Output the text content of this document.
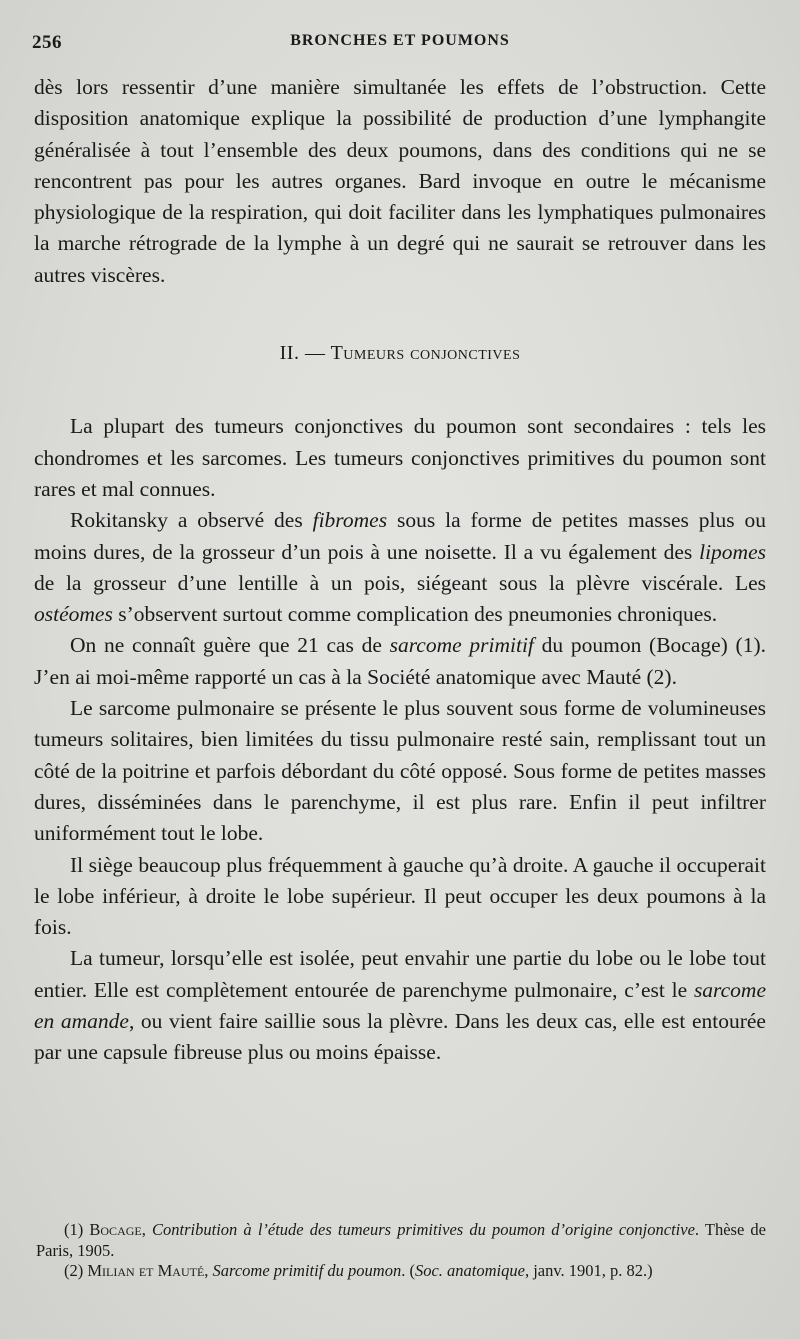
256	BRONCHES ET POUMONS

dès lors ressentir d’une manière simultanée les effets de l’obstruction. Cette disposition anatomique explique la possibilité de production d’une lymphangite généralisée à tout l’ensemble des deux poumons, dans des conditions qui ne se rencontrent pas pour les autres organes. Bard invoque en outre le mécanisme physiologique de la respiration, qui doit faciliter dans les lymphatiques pulmonaires la marche rétrograde de la lymphe à un degré qui ne saurait se retrouver dans les autres viscères.

II. — Tumeurs conjonctives

La plupart des tumeurs conjonctives du poumon sont secondaires : tels les chondromes et les sarcomes. Les tumeurs conjonctives primitives du poumon sont rares et mal connues.

Rokitansky a observé des fibromes sous la forme de petites masses plus ou moins dures, de la grosseur d’un pois à une noisette. Il a vu également des lipomes de la grosseur d’une lentille à un pois, siégeant sous la plèvre viscérale. Les ostéomes s’observent surtout comme complication des pneumonies chroniques.

On ne connaît guère que 21 cas de sarcome primitif du poumon (Bocage) (1). J’en ai moi-même rapporté un cas à la Société anatomique avec Mauté (2).

Le sarcome pulmonaire se présente le plus souvent sous forme de volumineuses tumeurs solitaires, bien limitées du tissu pulmonaire resté sain, remplissant tout un côté de la poitrine et parfois débordant du côté opposé. Sous forme de petites masses dures, disséminées dans le parenchyme, il est plus rare. Enfin il peut infiltrer uniformément tout le lobe.

Il siège beaucoup plus fréquemment à gauche qu’à droite. A gauche il occuperait le lobe inférieur, à droite le lobe supérieur. Il peut occuper les deux poumons à la fois.

La tumeur, lorsqu’elle est isolée, peut envahir une partie du lobe ou le lobe tout entier. Elle est complètement entourée de parenchyme pulmonaire, c’est le sarcome en amande, ou vient faire saillie sous la plèvre. Dans les deux cas, elle est entourée par une capsule fibreuse plus ou moins épaisse.

(1) Bocage, Contribution à l’étude des tumeurs primitives du poumon d’origine conjonctive. Thèse de Paris, 1905.

(2) Milian et Mauté, Sarcome primitif du poumon. (Soc. anatomique, janv. 1901, p. 82.)
